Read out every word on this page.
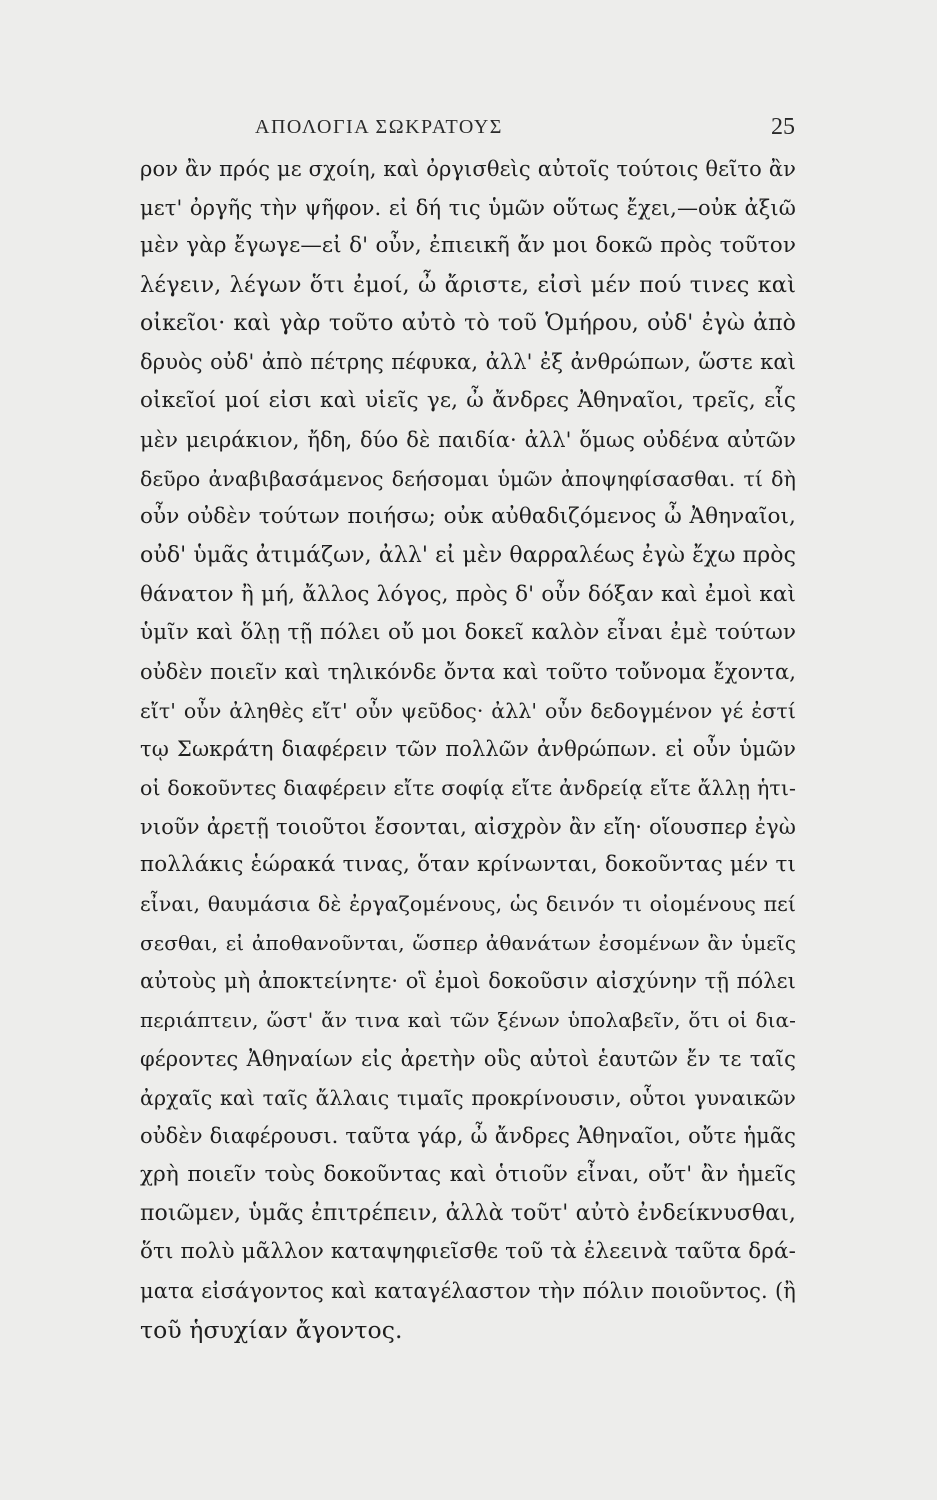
ΑΠΟΛΟΓΙΑ ΣΩΚΡΑΤΟΥΣ	25
ρον ἂν πρός με σχοίη, καὶ ὀργισθεὶς αὐτοῖς τούτοις θεῖτο ἂν
μετ' ὀργῆς τὴν ψῆφον. εἰ δή τις ὑμῶν οὕτως ἔχει,—οὐκ ἀξιῶ
μὲν γὰρ ἔγωγε—εἰ δ' οὖν, ἐπιεικῆ ἄν μοι δοκῶ πρὸς τοῦτον
λέγειν, λέγων ὅτι ἐμοί, ὦ ἄριστε, εἰσὶ μέν πού τινες καὶ
οἰκεῖοι· καὶ γὰρ τοῦτο αὐτὸ τὸ τοῦ Ὁμήρου, οὐδ' ἐγὼ ἀπὸ
δρυὸς οὐδ' ἀπὸ πέτρης πέφυκα, ἀλλ' ἐξ ἀνθρώπων, ὥστε καὶ
οἰκεῖοί μοί εἰσι καὶ υἱεῖς γε, ὦ ἄνδρες Ἀθηναῖοι, τρεῖς, εἷς
μὲν μειράκιον, ἤδη, δύο δὲ παιδία· ἀλλ' ὅμως οὐδένα αὐτῶν
δεῦρο ἀναβιβασάμενος δεήσομαι ὑμῶν ἀποψηφίσασθαι. τί δὴ
οὖν οὐδὲν τούτων ποιήσω; οὐκ αὐθαδιζόμενος ὦ Ἀθηναῖοι,
οὐδ' ὑμᾶς ἀτιμάζων, ἀλλ' εἰ μὲν θαρραλέως ἐγὼ ἔχω πρὸς
θάνατον ἢ μή, ἄλλος λόγος, πρὸς δ' οὖν δόξαν καὶ ἐμοὶ καὶ
ὑμῖν καὶ ὅλῃ τῇ πόλει οὔ μοι δοκεῖ καλὸν εἶναι ἐμὲ τούτων
οὐδὲν ποιεῖν καὶ τηλικόνδε ὄντα καὶ τοῦτο τοὔνομα ἔχοντα,
εἴτ' οὖν ἀληθὲς εἴτ' οὖν ψεῦδος· ἀλλ' οὖν δεδογμένον γέ ἐστί
τῳ Σωκράτη διαφέρειν τῶν πολλῶν ἀνθρώπων. εἰ οὖν ὑμῶν
οἱ δοκοῦντες διαφέρειν εἴτε σοφίᾳ εἴτε ἀνδρείᾳ εἴτε ἄλλῃ ἡτι-
νιοῦν ἀρετῇ τοιοῦτοι ἔσονται, αἰσχρὸν ἂν εἴη· οἵουσπερ ἐγὼ
πολλάκις ἑώρακά τινας, ὅταν κρίνωνται, δοκοῦντας μέν τι
εἶναι, θαυμάσια δὲ ἐργαζομένους, ὡς δεινόν τι οἰομένους πεί
σεσθαι, εἰ ἀποθανοῦνται, ὥσπερ ἀθανάτων ἐσομένων ἂν ὑμεῖς
αὐτοὺς μὴ ἀποκτείνητε· οἳ ἐμοὶ δοκοῦσιν αἰσχύνην τῇ πόλει
περιάπτειν, ὥστ' ἄν τινα καὶ τῶν ξένων ὑπολαβεῖν, ὅτι οἱ δια-
φέροντες Ἀθηναίων εἰς ἀρετὴν οὓς αὐτοὶ ἑαυτῶν ἔν τε ταῖς
ἀρχαῖς καὶ ταῖς ἄλλαις τιμαῖς προκρίνουσιν, οὗτοι γυναικῶν
οὐδὲν διαφέρουσι. ταῦτα γάρ, ὦ ἄνδρες Ἀθηναῖοι, οὔτε ἡμᾶς
χρὴ ποιεῖν τοὺς δοκοῦντας καὶ ὁτιοῦν εἶναι, οὔτ' ἂν ἡμεῖς
ποιῶμεν, ὑμᾶς ἐπιτρέπειν, ἀλλὰ τοῦτ' αὐτὸ ἐνδείκνυσθαι,
ὅτι πολὺ μᾶλλον καταψηφιεῖσθε τοῦ τὰ ἐλεεινὰ ταῦτα δρά-
ματα εἰσάγοντος καὶ καταγέλαστον τὴν πόλιν ποιοῦντος. (ἢ
τοῦ ἡσυχίαν ἄγοντος.
